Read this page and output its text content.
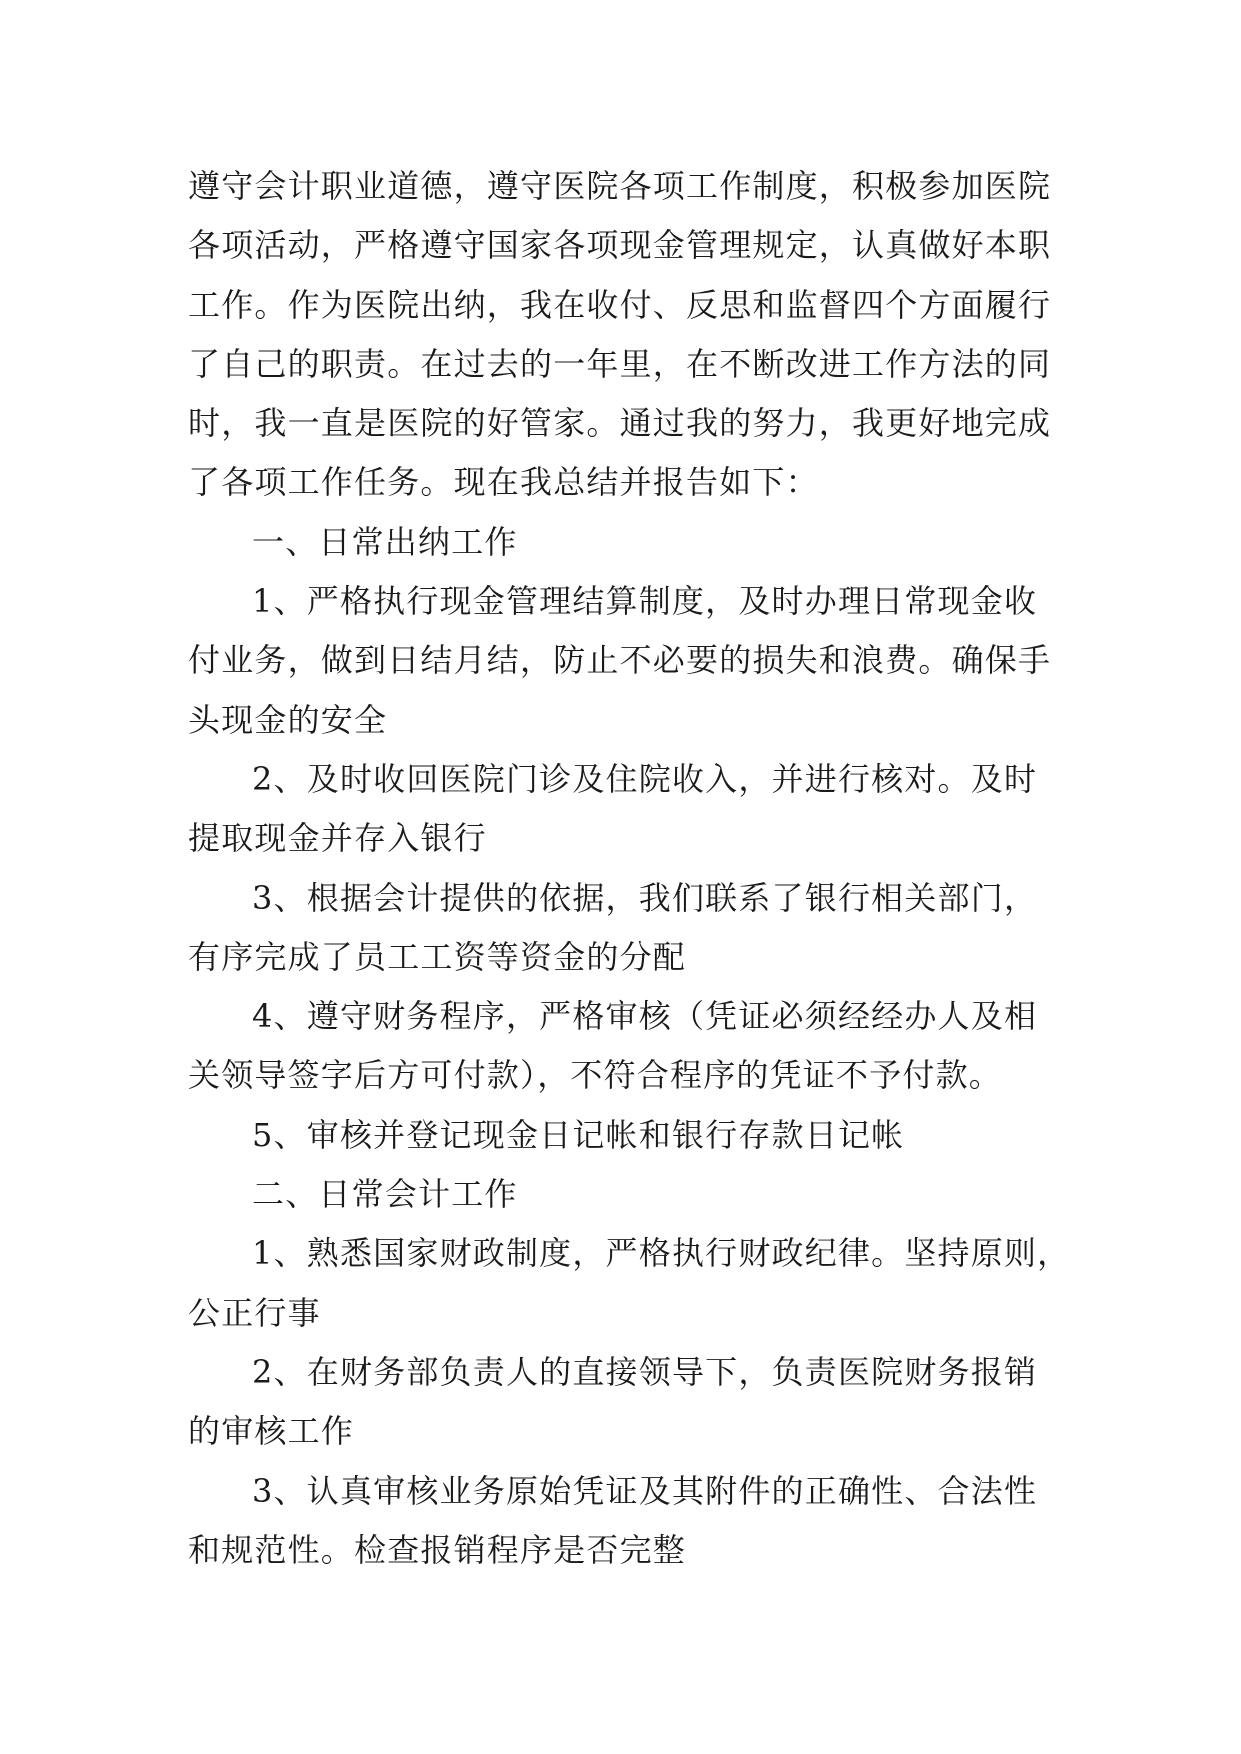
遵守会计职业道德，遵守医院各项工作制度，积极参加医院
各项活动，严格遵守国家各项现金管理规定，认真做好本职
工作。作为医院出纳，我在收付、反思和监督四个方面履行
了自己的职责。在过去的一年里，在不断改进工作方法的同
时，我一直是医院的好管家。通过我的努力，我更好地完成
了各项工作任务。现在我总结并报告如下：
一、日常出纳工作
1、严格执行现金管理结算制度，及时办理日常现金收
付业务，做到日结月结，防止不必要的损失和浪费。确保手
头现金的安全
2、及时收回医院门诊及住院收入，并进行核对。及时
提取现金并存入银行
3、根据会计提供的依据，我们联系了银行相关部门，
有序完成了员工工资等资金的分配
4、遵守财务程序，严格审核（凭证必须经经办人及相
关领导签字后方可付款），不符合程序的凭证不予付款。
5、审核并登记现金日记帐和银行存款日记帐
二、日常会计工作
1、熟悉国家财政制度，严格执行财政纪律。坚持原则，
公正行事
2、在财务部负责人的直接领导下，负责医院财务报销
的审核工作
3、认真审核业务原始凭证及其附件的正确性、合法性
和规范性。检查报销程序是否完整
